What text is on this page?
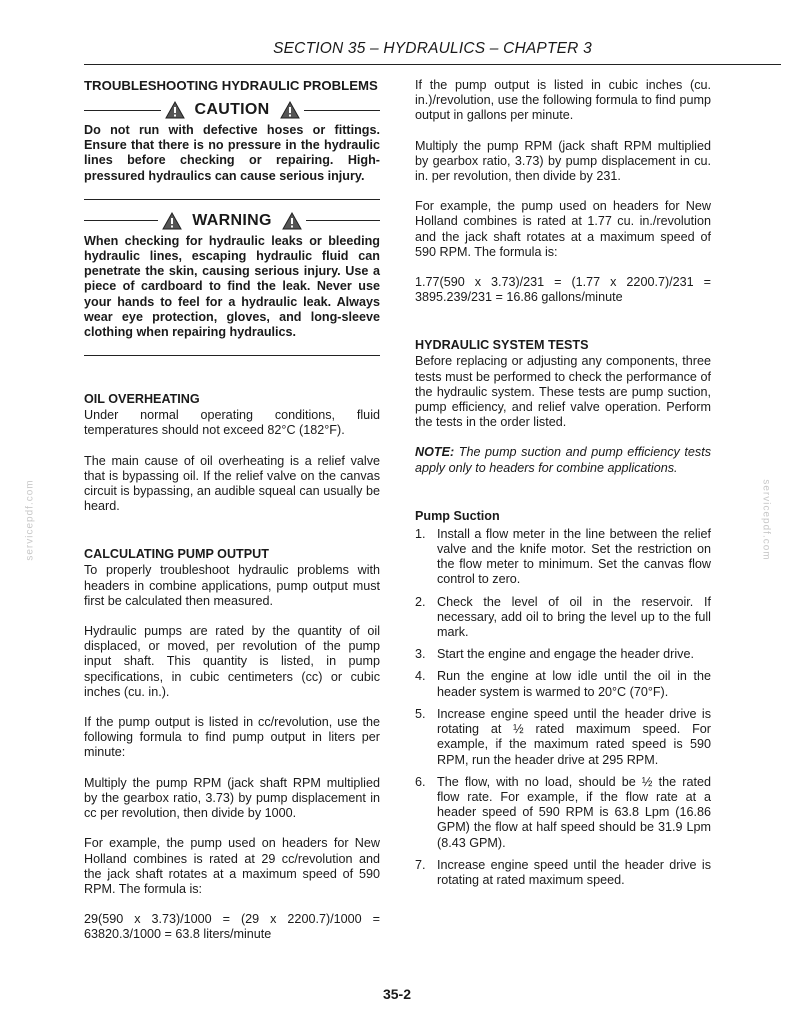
SECTION 35 – HYDRAULICS – CHAPTER 3
servicepdf.com	servicepdf.com
TROUBLESHOOTING HYDRAULIC PROBLEMS
CAUTION

Do not run with defective hoses or fittings. Ensure that there is no pressure in the hydraulic lines before checking or repairing. High-pressured hydraulics can cause serious injury.

WARNING

When checking for hydraulic leaks or bleeding hydraulic lines, escaping hydraulic fluid can penetrate the skin, causing serious injury. Use a piece of cardboard to find the leak. Never use your hands to feel for a hydraulic leak. Always wear eye protection, gloves, and long-sleeve clothing when repairing hydraulics.

OIL OVERHEATING

Under normal operating conditions, fluid temperatures should not exceed 82°C (182°F).

The main cause of oil overheating is a relief valve that is bypassing oil. If the relief valve on the canvas circuit is bypassing, an audible squeal can usually be heard.

CALCULATING PUMP OUTPUT

To properly troubleshoot hydraulic problems with headers in combine applications, pump output must first be calculated then measured.

Hydraulic pumps are rated by the quantity of oil displaced, or moved, per revolution of the pump input shaft. This quantity is listed, in pump specifications, in cubic centimeters (cc) or cubic inches (cu. in.).

If the pump output is listed in cc/revolution, use the following formula to find pump output in liters per minute:

Multiply the pump RPM (jack shaft RPM multiplied by the gearbox ratio, 3.73) by pump displacement in cc per revolution, then divide by 1000.

For example, the pump used on headers for New Holland combines is rated at 29 cc/revolution and the jack shaft rotates at a maximum speed of 590 RPM. The formula is:

29(590 x 3.73)/1000 = (29 x 2200.7)/1000 = 63820.3/1000 = 63.8 liters/minute

If the pump output is listed in cubic inches (cu. in.)/revolution, use the following formula to find pump output in gallons per minute.

Multiply the pump RPM (jack shaft RPM multiplied by gearbox ratio, 3.73) by pump displacement in cu. in. per revolution, then divide by 231.

For example, the pump used on headers for New Holland combines is rated at 1.77 cu. in./revolution and the jack shaft rotates at a maximum speed of 590 RPM. The formula is:

1.77(590 x 3.73)/231 = (1.77 x 2200.7)/231 = 3895.239/231 = 16.86 gallons/minute

HYDRAULIC SYSTEM TESTS

Before replacing or adjusting any components, three tests must be performed to check the performance of the hydraulic system. These tests are pump suction, pump efficiency, and relief valve operation. Perform the tests in the order listed.

NOTE: The pump suction and pump efficiency tests apply only to headers for combine applications.

Pump Suction
1. Install a flow meter in the line between the relief valve and the knife motor. Set the restriction on the flow meter to minimum. Set the canvas flow control to zero.
2. Check the level of oil in the reservoir. If necessary, add oil to bring the level up to the full mark.
3. Start the engine and engage the header drive.
4. Run the engine at low idle until the oil in the header system is warmed to 20°C (70°F).
5. Increase engine speed until the header drive is rotating at ½ rated maximum speed. For example, if the maximum rated speed is 590 RPM, run the header drive at 295 RPM.
6. The flow, with no load, should be ½ the rated flow rate. For example, if the flow rate at a header speed of 590 RPM is 63.8 Lpm (16.86 GPM) the flow at half speed should be 31.9 Lpm (8.43 GPM).
7. Increase engine speed until the header drive is rotating at rated maximum speed.
35-2
